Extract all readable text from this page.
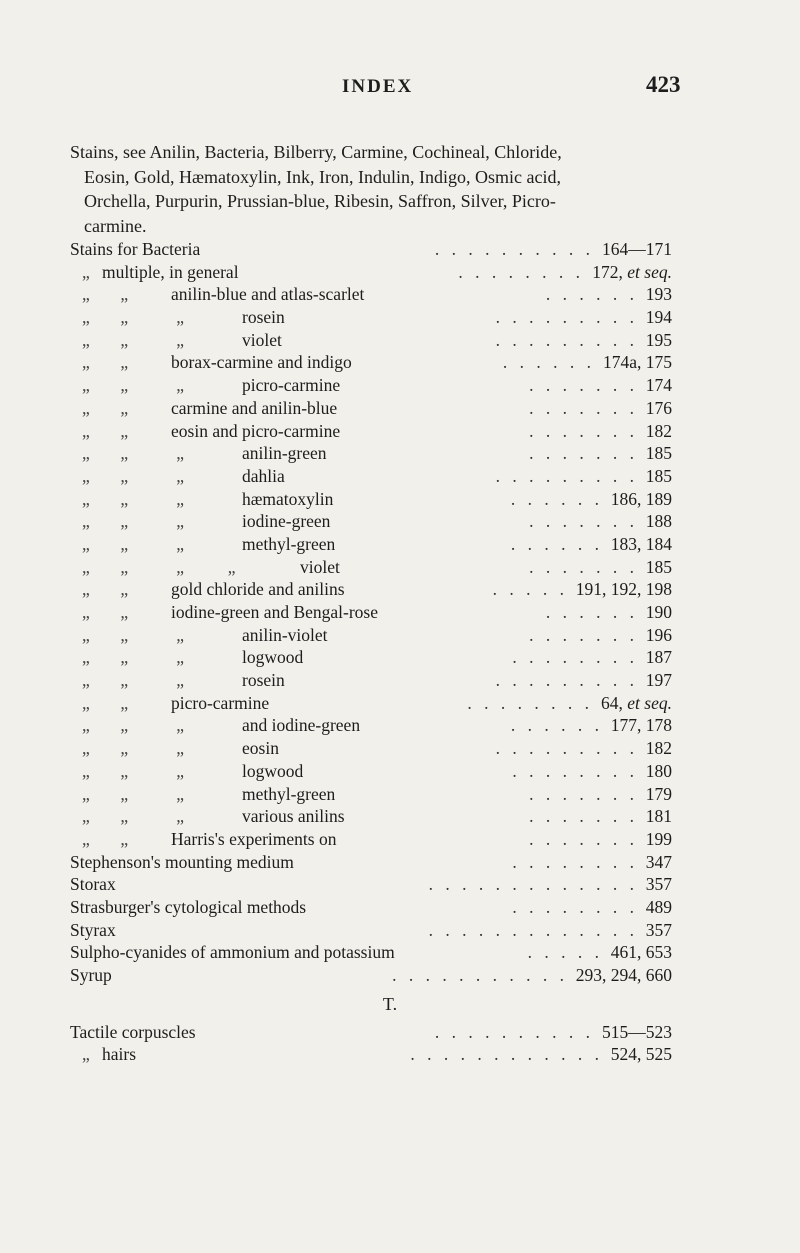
INDEX	423
Stains, see Anilin, Bacteria, Bilberry, Carmine, Cochineal, Chloride,
Eosin, Gold, Hæmatoxylin, Ink, Iron, Indulin, Indigo, Osmic acid,
Orchella, Purpurin, Prussian-blue, Ribesin, Saffron, Silver, Picro-
carmine.
Stains for Bacteria	164—171
. . . . . . . . . .
„ multiple, in general	172, et seq.
. . . . . . . .
„       „ anilin-blue and atlas-scarlet	193
. . . . . .
„       „           „	rosein	194
. . . . . . . . .
„       „           „	violet	195
. . . . . . . . .
„       „ borax-carmine and indigo	174a, 175
. . . . . .
„       „           „	picro-carmine	174
. . . . . . .
„       „ carmine and anilin-blue	176
. . . . . . .
„       „ eosin and picro-carmine	182
. . . . . . .
„       „           „	anilin-green	185
. . . . . . .
„       „           „	dahlia	185
. . . . . . . . .
„       „           „	hæmatoxylin	186, 189
. . . . . .
„       „           „	iodine-green	188
. . . . . . .
„       „           „	methyl-green	183, 184
. . . . . .
„       „           „          „	violet	185
. . . . . . .
„       „ gold chloride and anilins	191, 192, 198
. . . . .
„       „ iodine-green and Bengal-rose	190
. . . . . .
„       „           „	anilin-violet	196
. . . . . . .
„       „           „	logwood	187
. . . . . . . .
„       „           „	rosein	197
. . . . . . . . .
„       „ picro-carmine	64, et seq.
. . . . . . . .
„       „           „	and iodine-green	177, 178
. . . . . .
„       „           „	eosin	182
. . . . . . . . .
„       „           „	logwood	180
. . . . . . . .
„       „           „	methyl-green	179
. . . . . . .
„       „           „	various anilins	181
. . . . . . .
„       „ Harris's experiments on	199
. . . . . . .
Stephenson's mounting medium	347
. . . . . . . .
Storax	357
. . . . . . . . . . . . .
Strasburger's cytological methods	489
. . . . . . . .
Styrax	357
. . . . . . . . . . . . .
Sulpho-cyanides of ammonium and potassium	461, 653
. . . . .
Syrup	293, 294, 660
. . . . . . . . . . .
T.
Tactile corpuscles	515—523
. . . . . . . . . .
„ hairs	524, 525
. . . . . . . . . . . .
